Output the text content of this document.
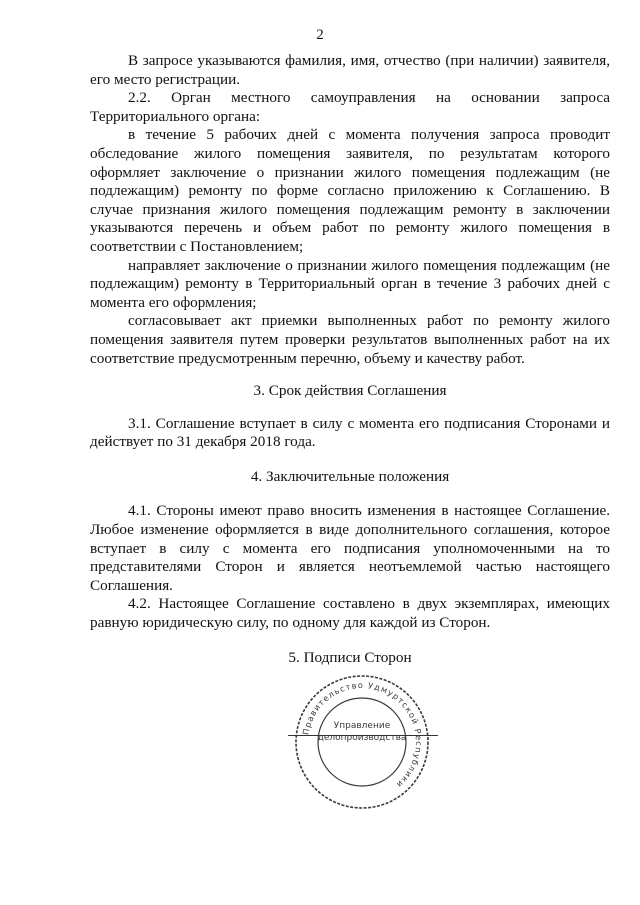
2

В запросе указываются фамилия, имя, отчество (при наличии) заявителя, его место регистрации.

2.2. Орган местного самоуправления на основании запроса Территориального органа:

в течение 5 рабочих дней с момента получения запроса проводит обследование жилого помещения заявителя, по результатам которого оформляет заключение о признании жилого помещения подлежащим (не подлежащим) ремонту по форме согласно приложению к Соглашению. В случае признания жилого помещения подлежащим ремонту в заключении указываются перечень и объем работ по ремонту жилого помещения в соответствии с Постановлением;

направляет заключение о признании жилого помещения подлежащим (не подлежащим) ремонту в Территориальный орган в течение 3 рабочих дней с момента его оформления;

согласовывает акт приемки выполненных работ по ремонту жилого помещения заявителя путем проверки результатов выполненных работ на их соответствие предусмотренным перечню, объему и качеству работ.

3. Срок действия Соглашения

3.1. Соглашение вступает в силу с момента его подписания Сторонами и действует по 31 декабря 2018 года.

4. Заключительные положения

4.1. Стороны имеют право вносить изменения в настоящее Соглашение. Любое изменение оформляется в виде дополнительного соглашения, которое вступает в силу с момента его подписания уполномоченными на то представителями Сторон и является неотъемлемой частью настоящего Соглашения.

4.2. Настоящее Соглашение составлено в двух экземплярах, имеющих равную юридическую силу, по одному для каждой из Сторон.

5. Подписи Сторон

Правительство Удмуртской Республики
Управление
делопроизводства
